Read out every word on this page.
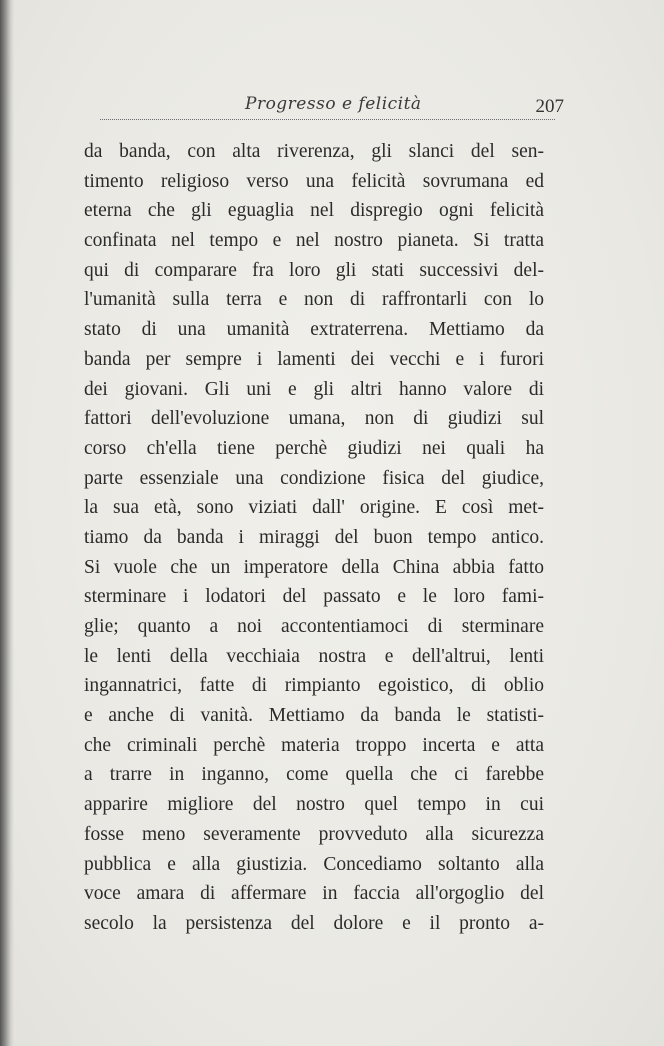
Progresso e felicità	207
da banda, con alta riverenza, gli slanci del sen-
timento religioso verso una felicità sovrumana ed
eterna che gli eguaglia nel dispregio ogni felicità
confinata nel tempo e nel nostro pianeta. Si tratta
qui di comparare fra loro gli stati successivi del-
l'umanità sulla terra e non di raffrontarli con lo
stato di una umanità extraterrena. Mettiamo da
banda per sempre i lamenti dei vecchi e i furori
dei giovani. Gli uni e gli altri hanno valore di
fattori dell'evoluzione umana, non di giudizi sul
corso ch'ella tiene perchè giudizi nei quali ha
parte essenziale una condizione fisica del giudice,
la sua età, sono viziati dall' origine. E così met-
tiamo da banda i miraggi del buon tempo antico.
Si vuole che un imperatore della China abbia fatto
sterminare i lodatori del passato e le loro fami-
glie; quanto a noi accontentiamoci di sterminare
le lenti della vecchiaia nostra e dell'altrui, lenti
ingannatrici, fatte di rimpianto egoistico, di oblio
e anche di vanità. Mettiamo da banda le statisti-
che criminali perchè materia troppo incerta e atta
a trarre in inganno, come quella che ci farebbe
apparire migliore del nostro quel tempo in cui
fosse meno severamente provveduto alla sicurezza
pubblica e alla giustizia. Concediamo soltanto alla
voce amara di affermare in faccia all'orgoglio del
secolo la persistenza del dolore e il pronto a-
